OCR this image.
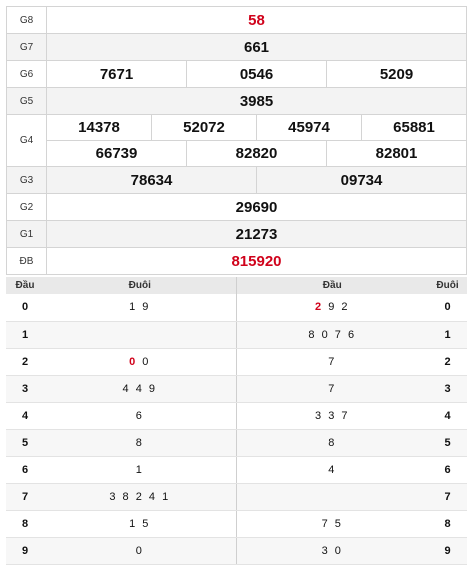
G8	58					
G7	661					
G6	7671		0546		5209	
G5	3985					
G4	14378	52072		45974		65881
	66739		82820		82801	
G3	78634			09734		
G2	29690					
G1	21273					
ĐB	815920					
Đầu	Đuôi	Đầu	Đuôi
0	1 9	2 9 2	0
1		8 0 7 6	1
2	0 0	7	2
3	4 4 9	7	3
4	6	3 3 7	4
5	8	8	5
6	1	4	6
7	3 8 2 4 1		7
8	1 5	7 5	8
9	0	3 0	9
